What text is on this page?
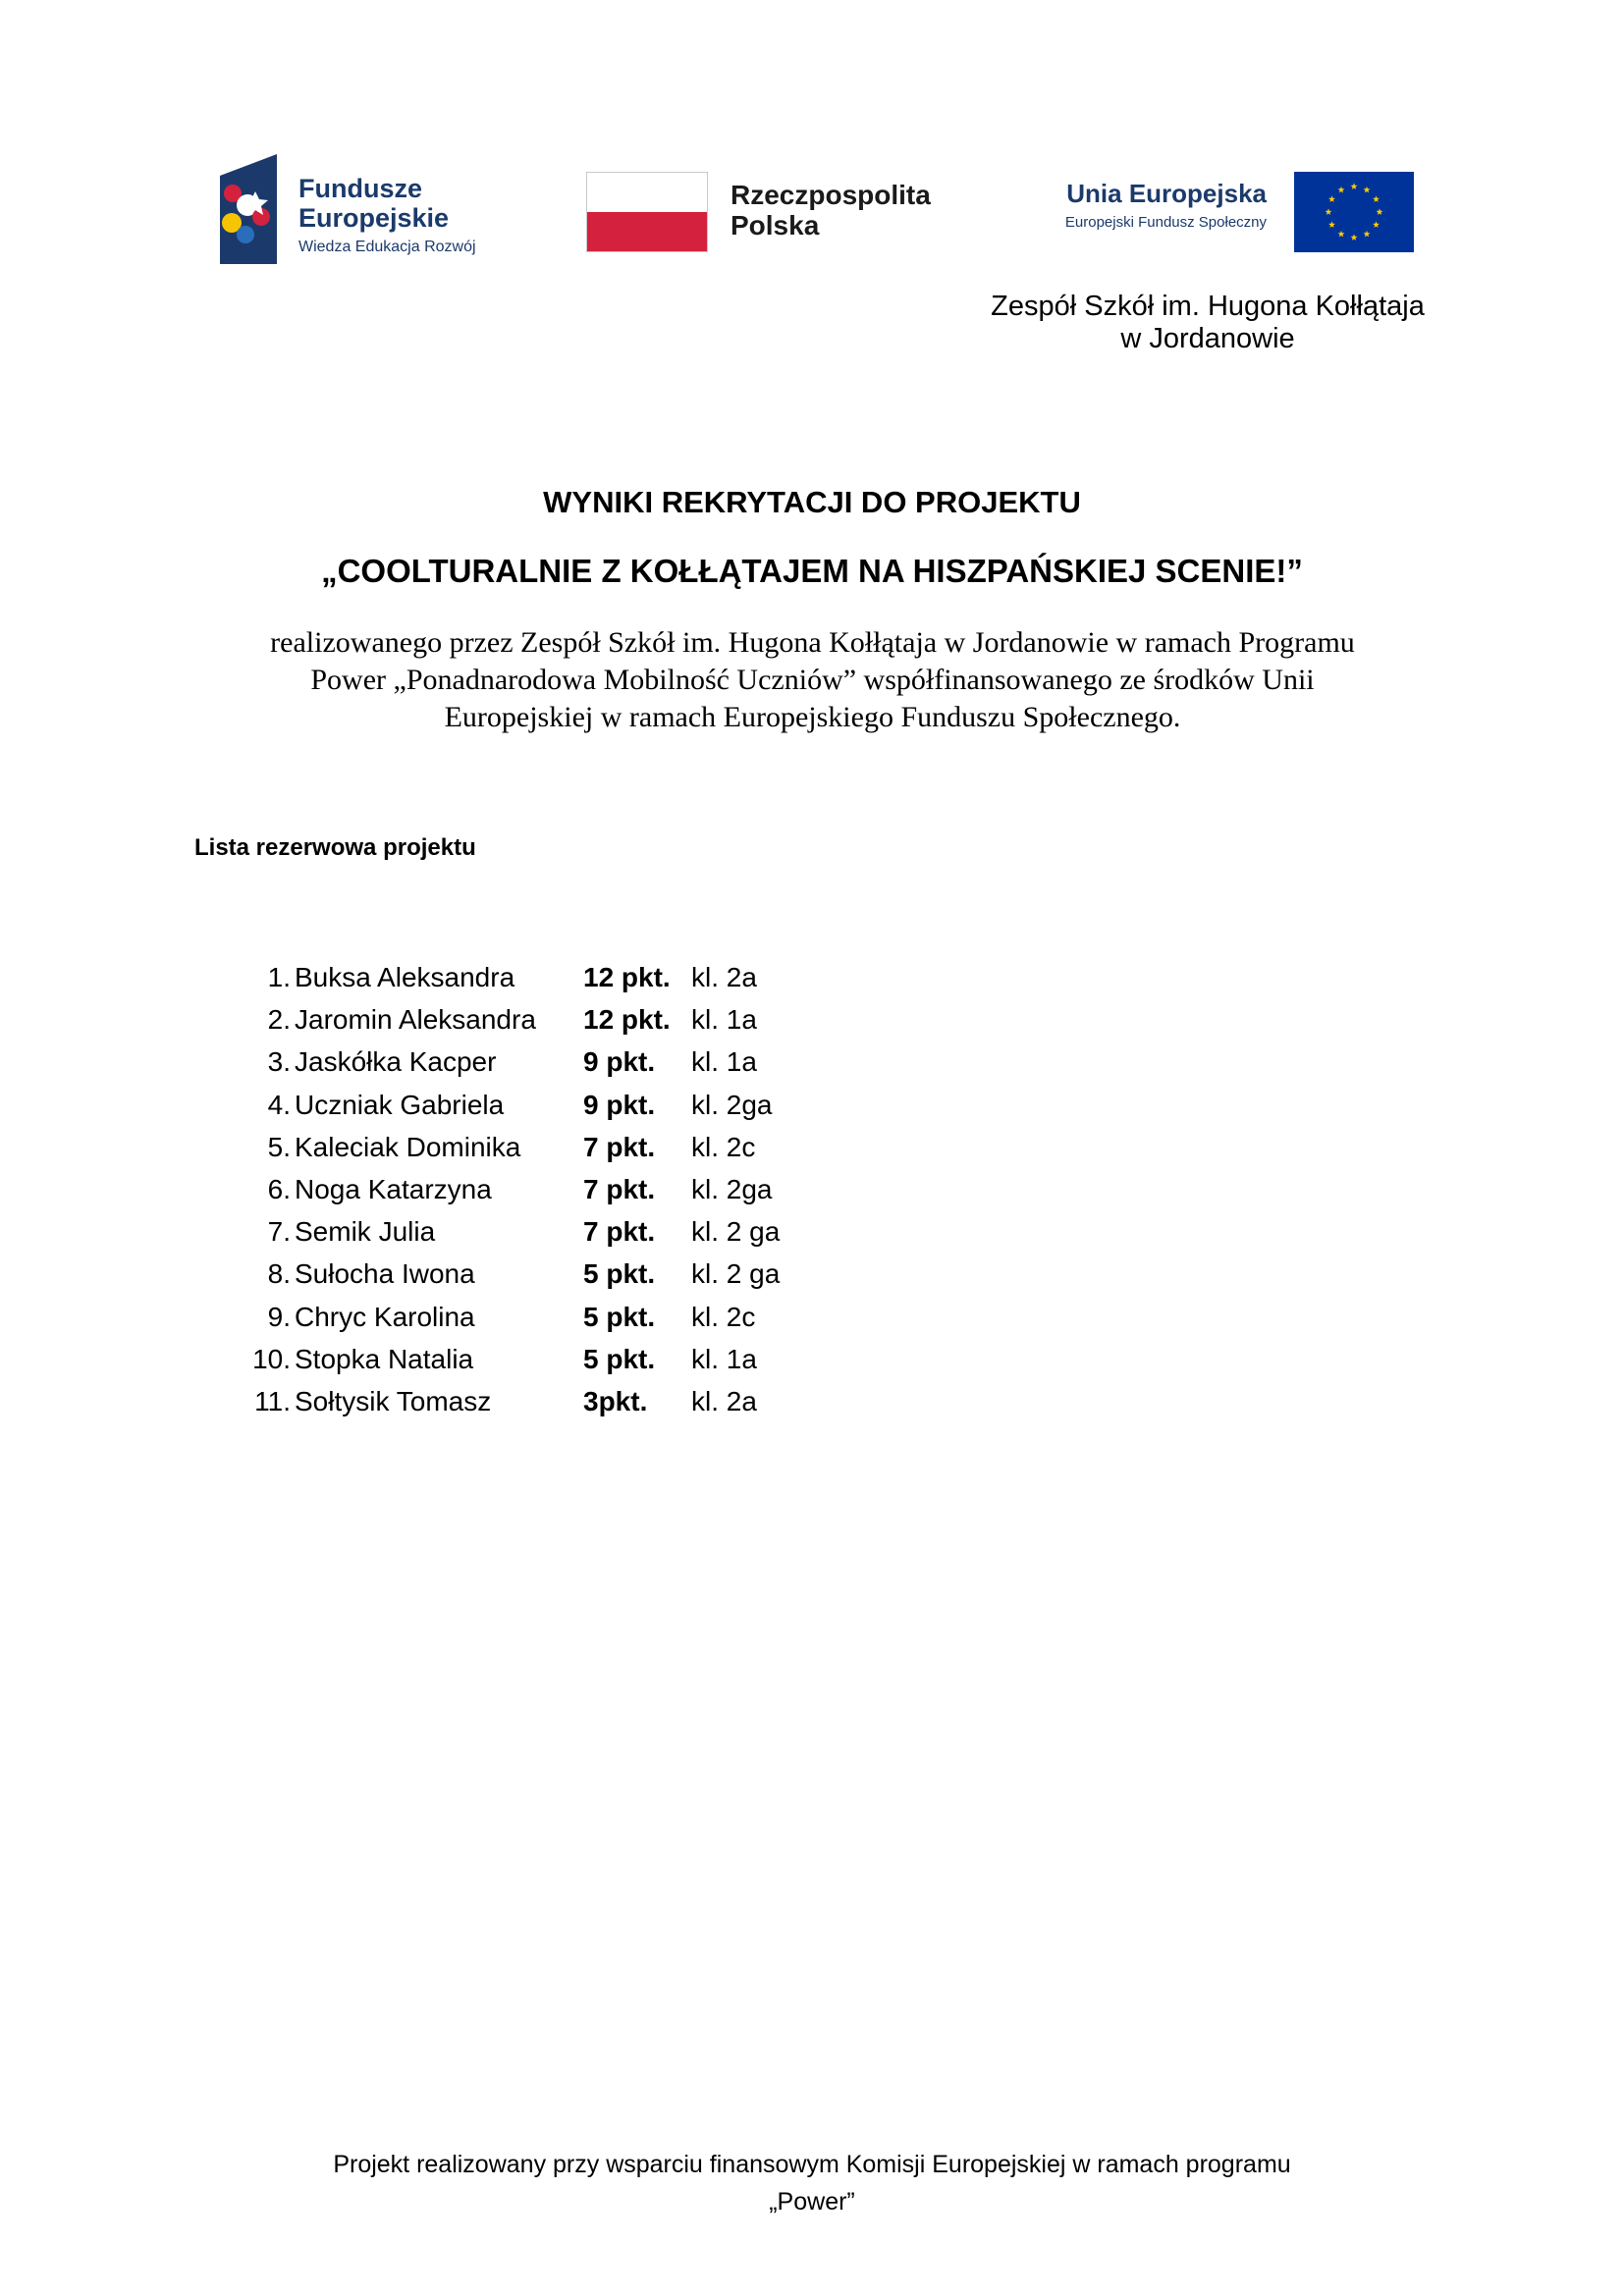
Fundusze
Europejskie
Wiedza Edukacja Rozwój
Rzeczpospolita
Polska
Unia Europejska
Europejski Fundusz Społeczny
Zespół Szkół im. Hugona Kołłątaja
w Jordanowie
WYNIKI REKRYTACJI DO PROJEKTU
„COOLTURALNIE Z KOŁŁĄTAJEM NA HISZPAŃSKIEJ SCENIE!”
realizowanego przez Zespół Szkół im. Hugona Kołłątaja w Jordanowie w ramach Programu
Power „Ponadnarodowa Mobilność Uczniów” współfinansowanego ze środków Unii
Europejskiej w ramach Europejskiego Funduszu Społecznego.
Lista rezerwowa projektu
1. Buksa Aleksandra 12 pkt. kl. 2a
2. Jaromin Aleksandra 12 pkt. kl. 1a
3. Jaskółka Kacper	9 pkt. kl. 1a
4. Uczniak Gabriela	9 pkt. kl. 2ga
5. Kaleciak Dominika 7 pkt. kl. 2c
6. Noga Katarzyna	7 pkt. kl. 2ga
7. Semik Julia	7 pkt. kl. 2 ga
8. Sułocha Iwona	5 pkt. kl. 2 ga
9. Chryc Karolina	5 pkt. kl. 2c
10. Stopka Natalia	5 pkt. kl. 1a
11. Sołtysik Tomasz	3pkt. kl. 2a
Projekt realizowany przy wsparciu finansowym Komisji Europejskiej w ramach programu
„Power”
